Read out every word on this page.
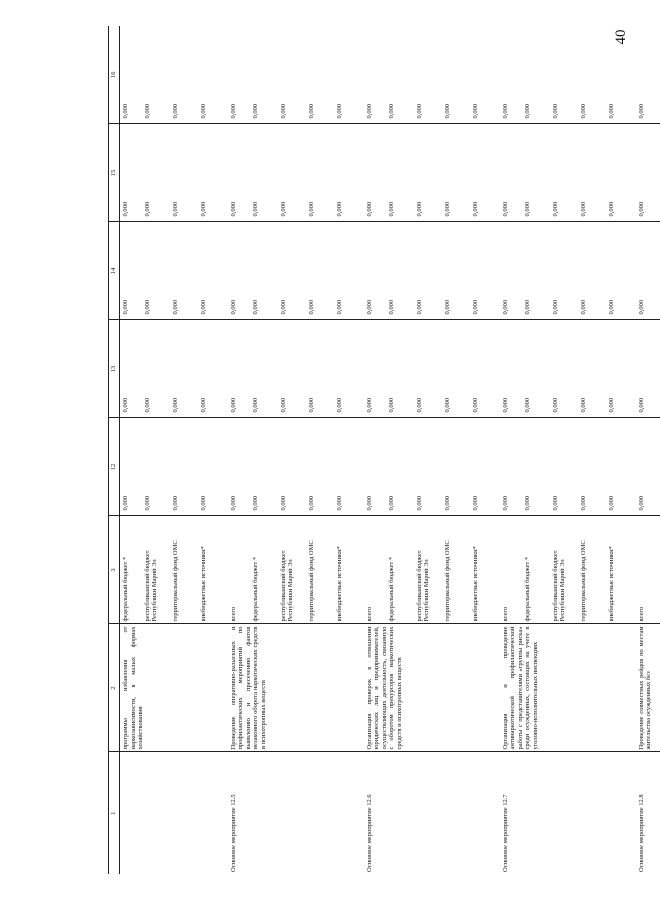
40
1	2	3	12	13	14	15	16
	программы избавления от наркозависимости, в малых формах хозяйствования	федеральный бюджет *	0,000	0,000	0,000	0,000	0,000
		республиканский бюджет Республики Марий Эл	0,000	0,000	0,000	0,000	0,000
		территориальный фонд ОМС	0,000	0,000	0,000	0,000	0,000
		внебюджетные источники*	0,000	0,000	0,000	0,000	0,000
Основное мероприятие 12.5	Проведение оперативно-разыскных и профилактических мероприятий по выявлению и пресечению фактов незаконного оборота наркотических средств и психотропных веществ	всего	0,000	0,000	0,000	0,000	0,000
		федеральный бюджет *	0,000	0,000	0,000	0,000	0,000
		республиканский бюджет Республики Марий Эл	0,000	0,000	0,000	0,000	0,000
		территориальный фонд ОМС	0,000	0,000	0,000	0,000	0,000
		внебюджетные источники*	0,000	0,000	0,000	0,000	0,000
Основное мероприятие 12.6	Организация проверок в отношении юридических лиц и предпринимателей, осуществляющих деятельность, связанную с оборотом прекурсоров наркотических средств и психотропных веществ	всего	0,000	0,000	0,000	0,000	0,000
		федеральный бюджет *	0,000	0,000	0,000	0,000	0,000
		республиканский бюджет Республики Марий Эл	0,000	0,000	0,000	0,000	0,000
		территориальный фонд ОМС	0,000	0,000	0,000	0,000	0,000
		внебюджетные источники*	0,000	0,000	0,000	0,000	0,000
Основное мероприятие 12.7	Организация и проведение антинаркотической профилактической работы с представителями «группы риска» среди осужденных, состоящих на учете в уголовно-исполнительных инспекциях	всего	0,000	0,000	0,000	0,000	0,000
		федеральный бюджет *	0,000	0,000	0,000	0,000	0,000
		республиканский бюджет Республики Марий Эл	0,000	0,000	0,000	0,000	0,000
		территориальный фонд ОМС	0,000	0,000	0,000	0,000	0,000
		внебюджетные источники*	0,000	0,000	0,000	0,000	0,000
Основное мероприятие 12.8	Проведение совместных рейдов по местам жительства осужденных без	всего	0,000	0,000	0,000	0,000	0,000
